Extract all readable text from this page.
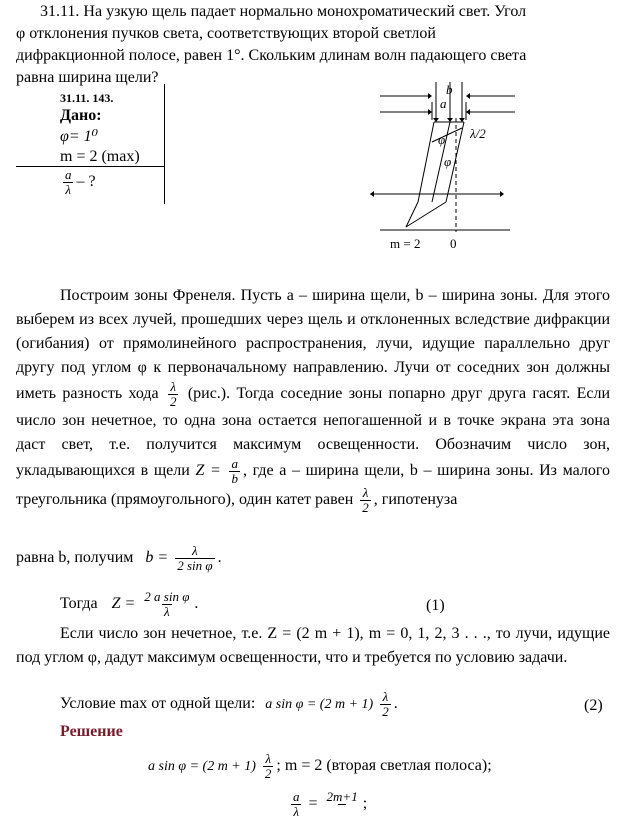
31.11. На узкую щель падает нормально монохроматический свет. Угол
φ отклонения пучков света, соответствующих второй светлой
дифракционной полосе, равен 1°. Скольким длинам волн падающего света
равна ширина щели?
31.11. 143.
Дано:
φ= 1⁰
m = 2 (max)
$\frac{a}{\lambda}$ – ?
b
a
λ/2
φ
φ
m = 2 0
Построим зоны Френеля. Пусть a – ширина щели, b – ширина зоны. Для этого выберем из всех лучей, прошедших через щель и отклоненных вследствие дифракции (огибания) от прямолинейного распространения, лучи, идущие параллельно друг другу под углом φ к первоначальному направлению. Лучи от соседних зон должны иметь разность хода $\frac{\lambda}{2} (рис.)$. Тогда соседние зоны попарно друг друга гасят. Если число зон нечетное, то одна зона остается непогашенной и в точке экрана эта зона даст свет, т.е. получится максимум освещенности. Обозначим число зон, укладывающихся в щели $Z = \frac{a}{b}$ , где a – ширина щели, b – ширина зоны. Из малого треугольника (прямоугольного), один катет равен $\frac{\lambda}{2}$ , гипотенуза
равна b, получим $b = \frac{\lambda}{\text{2 sin φ}}$ .
Тогда $Z = \frac{\text{2 a sin φ}}{\lambda}$ .	(1)
Если число зон нечетное, т.е. Z = (2 m + 1), m = 0, 1, 2, 3 . . ., то лучи, идущие под углом φ, дадут максимум освещенности, что и требуется по условию задачи.
Условие max от одной щели: a sin φ = (2 $m + 1) \frac{\lambda}{2}$ .	(2)
Решение
a sin φ = (2 $m + 1) \frac{\lambda}{2}$ ; m = 2 (вторая светлая полоса);
$\frac{a}{\lambda} = 2m+1$
;
